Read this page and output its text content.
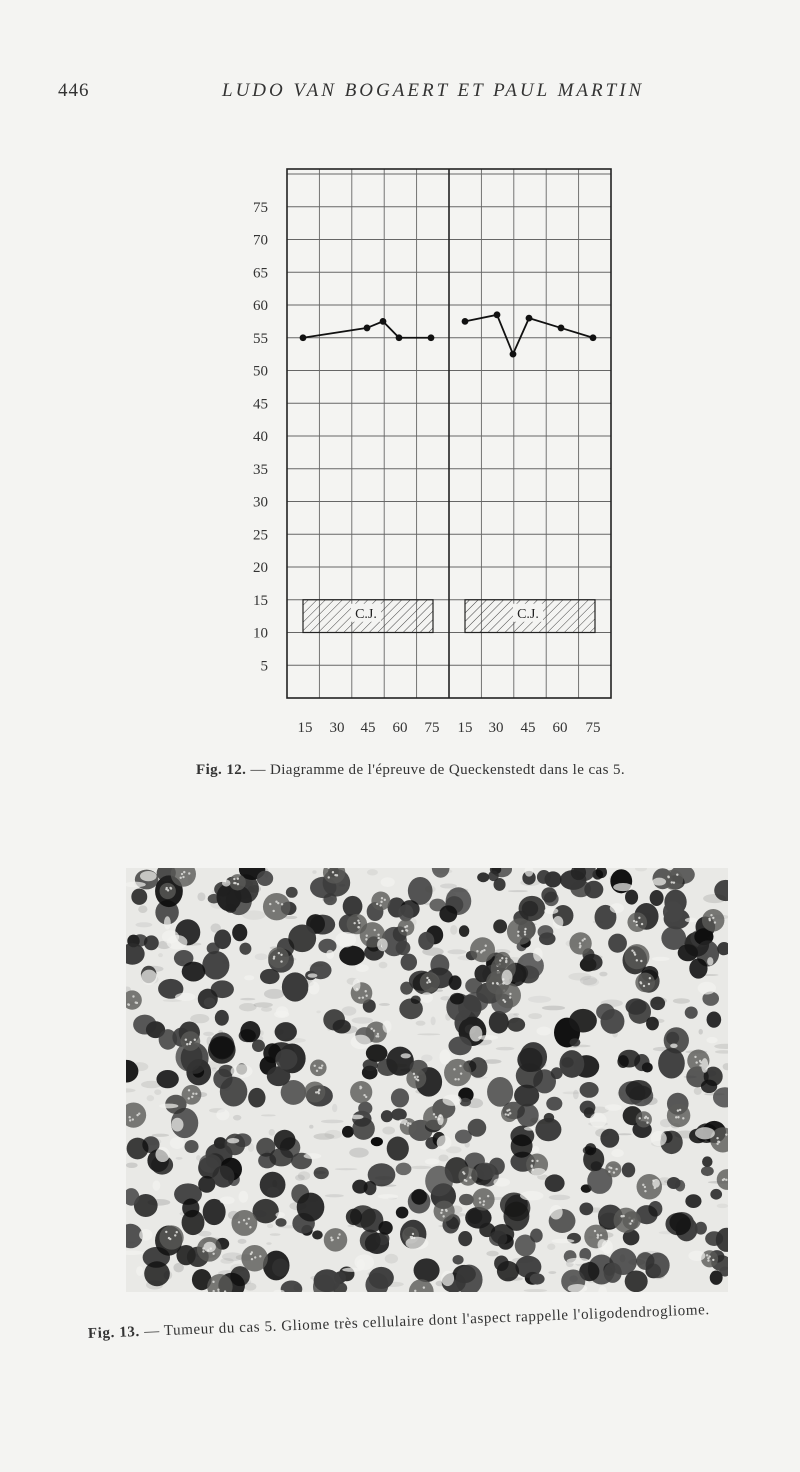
446	LUDO VAN BOGAERT ET PAUL MARTIN
75
70
65
60
55
50
45
40
35
30
25
20
15
10
5
15 30 45 60 75 15 30 45 60 75
C.J.	C.J.
Fig. 12. — Diagramme de l'épreuve de Queckenstedt dans le cas 5.
Fig. 13. — Tumeur du cas 5. Gliome très cellulaire dont l'aspect rappelle l'oligodendrogliome.
